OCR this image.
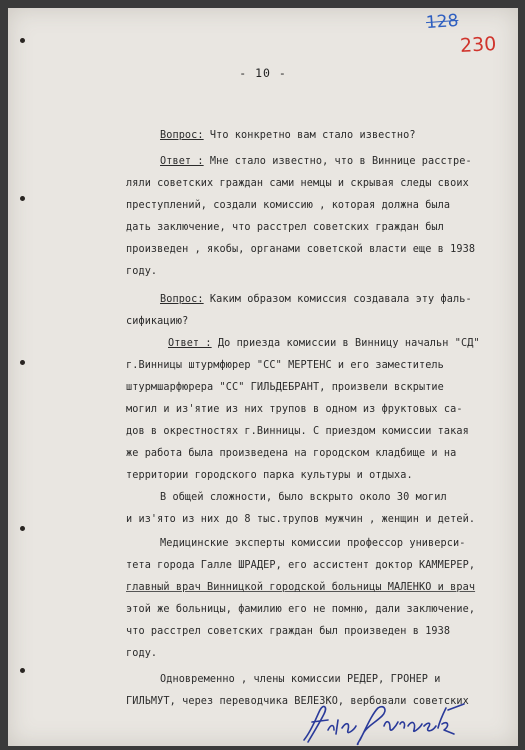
128
230
- 10 -
Вопрос: Что конкретно вам стало известно?
Ответ : Мне стало известно, что в Виннице расстре-
ляли советских граждан сами немцы и скрывая следы своих
преступлений, создали комиссию , которая должна была
дать заключение, что расстрел советских граждан был
произведен , якобы, органами советской власти еще в 1938
году.
Вопрос: Каким образом комиссия создавала эту фаль-
сификацию?
Ответ : До приезда комиссии в Винницу начальн "СД"
г.Винницы штурмфюрер "СС" МЕРТЕНС и его заместитель
штурмшарфюрера "СС" ГИЛЬДЕБРАНТ, произвели вскрытие
могил и из'ятие из них трупов в одном из фруктовых са-
дов в окрестностях г.Винницы. С приездом комиссии такая
же работа была произведена на городском кладбище и на
территории городского парка культуры и отдыха.
В общей сложности, было вскрыто около 30 могил
и из'ято из них до 8 тыс.трупов мужчин , женщин и детей.
Медицинские эксперты комиссии профессор универси-
тета города Галле ШРАДЕР, его ассистент доктор КАММЕРЕР,
главный врач Винницкой городской больницы МАЛЕНКО и врач
этой же больницы, фамилию его не помню, дали заключение,
что расстрел советских граждан был произведен в 1938
году.
Одновременно , члены комиссии РЕДЕР, ГРОНЕР и
ГИЛЬМУТ, через переводчика ВЕЛЕЗКО, вербовали советских
